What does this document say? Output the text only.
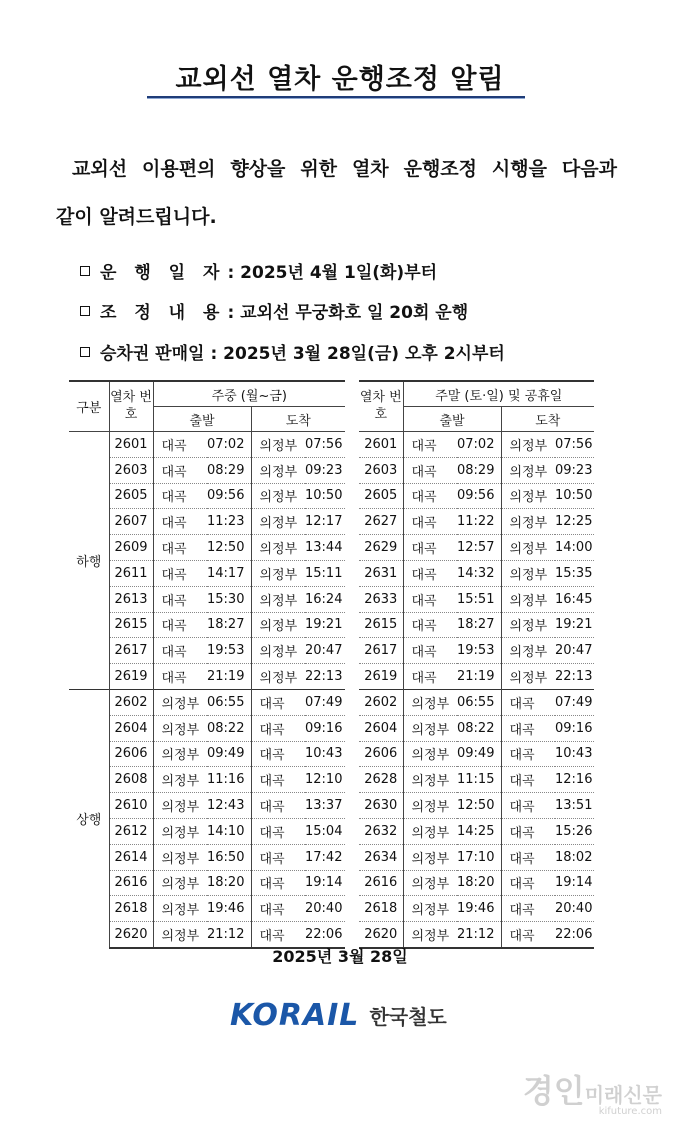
교외선 열차 운행조정 알림
교외선 이용편의 향상을 위한 열차 운행조정 시행을 다음과
같이 알려드립니다.
운 행 일 자 : 2025년 4월 1일(화)부터
조 정 내 용 : 교외선 무궁화호 일 20회 운행
승차권 판매일 : 2025년 3월 28일(금) 오후 2시부터
구분	열차 번호	주중 (월~금)			
		출발		도착	
하행	2601	대곡	07:02	의정부	07:56
	2603	대곡	08:29	의정부	09:23
	2605	대곡	09:56	의정부	10:50
	2607	대곡	11:23	의정부	12:17
	2609	대곡	12:50	의정부	13:44
	2611	대곡	14:17	의정부	15:11
	2613	대곡	15:30	의정부	16:24
	2615	대곡	18:27	의정부	19:21
	2617	대곡	19:53	의정부	20:47
	2619	대곡	21:19	의정부	22:13
상행	2602	의정부	06:55	대곡	07:49
	2604	의정부	08:22	대곡	09:16
	2606	의정부	09:49	대곡	10:43
	2608	의정부	11:16	대곡	12:10
	2610	의정부	12:43	대곡	13:37
	2612	의정부	14:10	대곡	15:04
	2614	의정부	16:50	대곡	17:42
	2616	의정부	18:20	대곡	19:14
	2618	의정부	19:46	대곡	20:40
	2620	의정부	21:12	대곡	22:06
열차 번호	주말 (토·일) 및 공휴일			
	출발		도착	
2601	대곡	07:02	의정부	07:56
2603	대곡	08:29	의정부	09:23
2605	대곡	09:56	의정부	10:50
2627	대곡	11:22	의정부	12:25
2629	대곡	12:57	의정부	14:00
2631	대곡	14:32	의정부	15:35
2633	대곡	15:51	의정부	16:45
2615	대곡	18:27	의정부	19:21
2617	대곡	19:53	의정부	20:47
2619	대곡	21:19	의정부	22:13
2602	의정부	06:55	대곡	07:49
2604	의정부	08:22	대곡	09:16
2606	의정부	09:49	대곡	10:43
2628	의정부	11:15	대곡	12:16
2630	의정부	12:50	대곡	13:51
2632	의정부	14:25	대곡	15:26
2634	의정부	17:10	대곡	18:02
2616	의정부	18:20	대곡	19:14
2618	의정부	19:46	대곡	20:40
2620	의정부	21:12	대곡	22:06
2025년 3월 28일
KORAIL 한국철도
경인미래신문
kifuture.com
